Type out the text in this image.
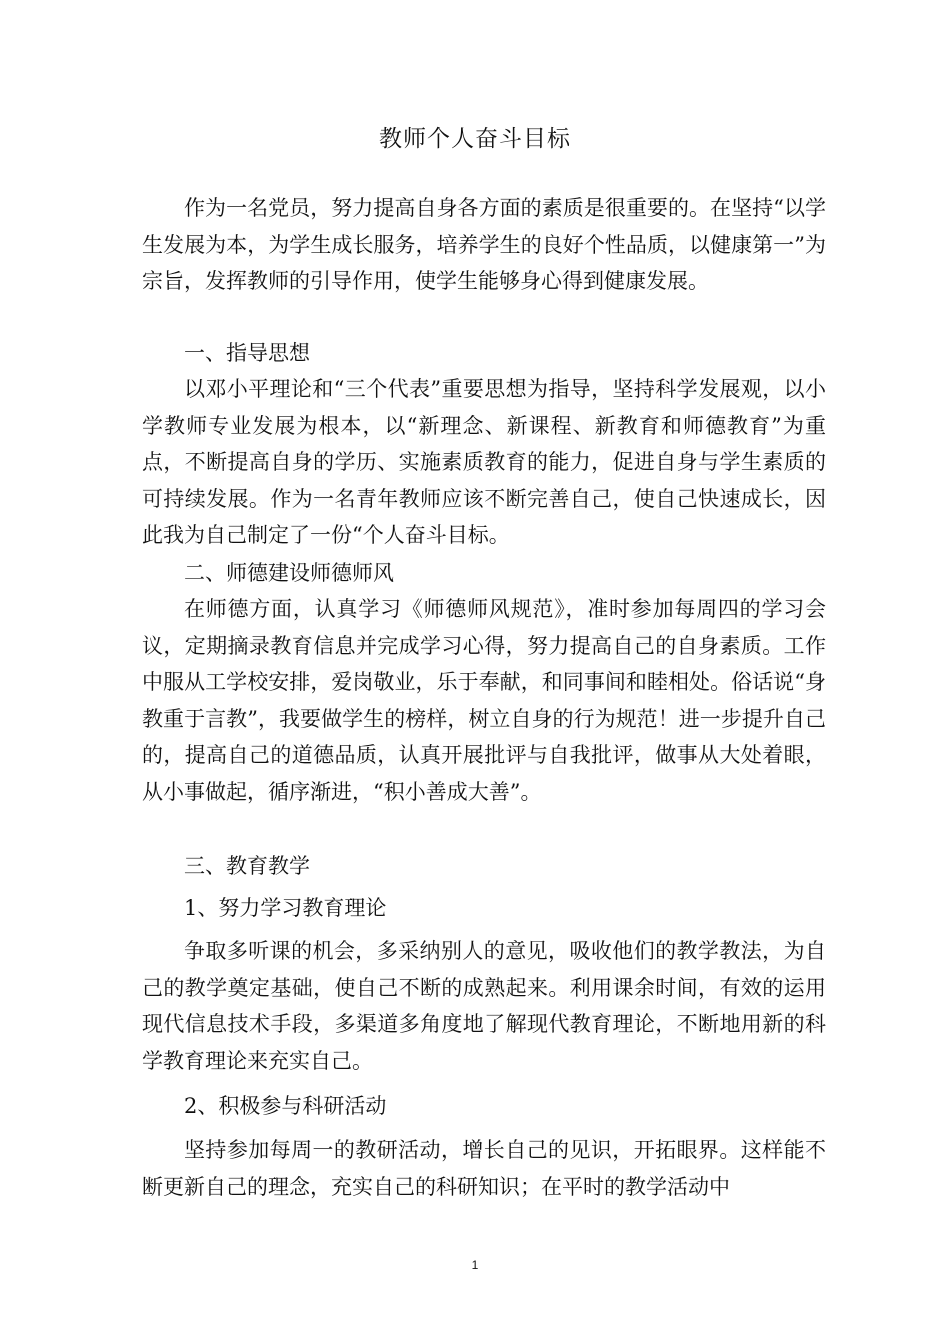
教师个人奋斗目标

作为一名党员，努力提高自身各方面的素质是很重要的。在坚持“以学生发展为本，为学生成长服务，培养学生的良好个性品质，以健康第一”为宗旨，发挥教师的引导作用，使学生能够身心得到健康发展。

一、指导思想

以邓小平理论和“三个代表”重要思想为指导，坚持科学发展观，以小学教师专业发展为根本，以“新理念、新课程、新教育和师德教育”为重点，不断提高自身的学历、实施素质教育的能力，促进自身与学生素质的可持续发展。作为一名青年教师应该不断完善自己，使自己快速成长，因此我为自己制定了一份“个人奋斗目标。

二、师德建设师德师风

在师德方面，认真学习《师德师风规范》，准时参加每周四的学习会议，定期摘录教育信息并完成学习心得，努力提高自己的自身素质。工作中服从工学校安排，爱岗敬业，乐于奉献，和同事间和睦相处。俗话说“身教重于言教”，我要做学生的榜样，树立自身的行为规范！进一步提升自己的，提高自己的道德品质，认真开展批评与自我批评，做事从大处着眼，从小事做起，循序渐进，“积小善成大善”。

三、教育教学
1、努力学习教育理论

争取多听课的机会，多采纳别人的意见，吸收他们的教学教法，为自己的教学奠定基础，使自己不断的成熟起来。利用课余时间，有效的运用现代信息技术手段，多渠道多角度地了解现代教育理论，不断地用新的科学教育理论来充实自己。

2、积极参与科研活动

坚持参加每周一的教研活动，增长自己的见识，开拓眼界。这样能不断更新自己的理念，充实自己的科研知识；在平时的教学活动中

1
